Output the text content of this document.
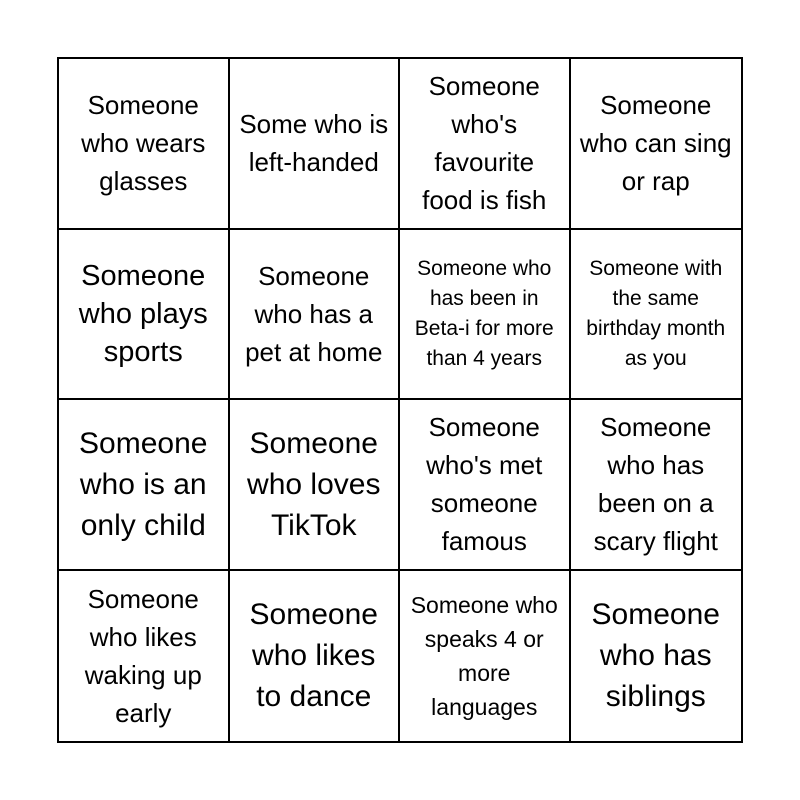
Someone who wears glasses
Some who is left-handed
Someone who's favourite food is fish
Someone who can sing or rap
Someone who plays sports
Someone who has a pet at home
Someone who has been in Beta-i for more than 4 years
Someone with the same birthday month as you
Someone who is an only child
Someone who loves TikTok
Someone who's met someone famous
Someone who has been on a scary flight
Someone who likes waking up early
Someone who likes to dance
Someone who speaks 4 or more languages
Someone who has siblings
